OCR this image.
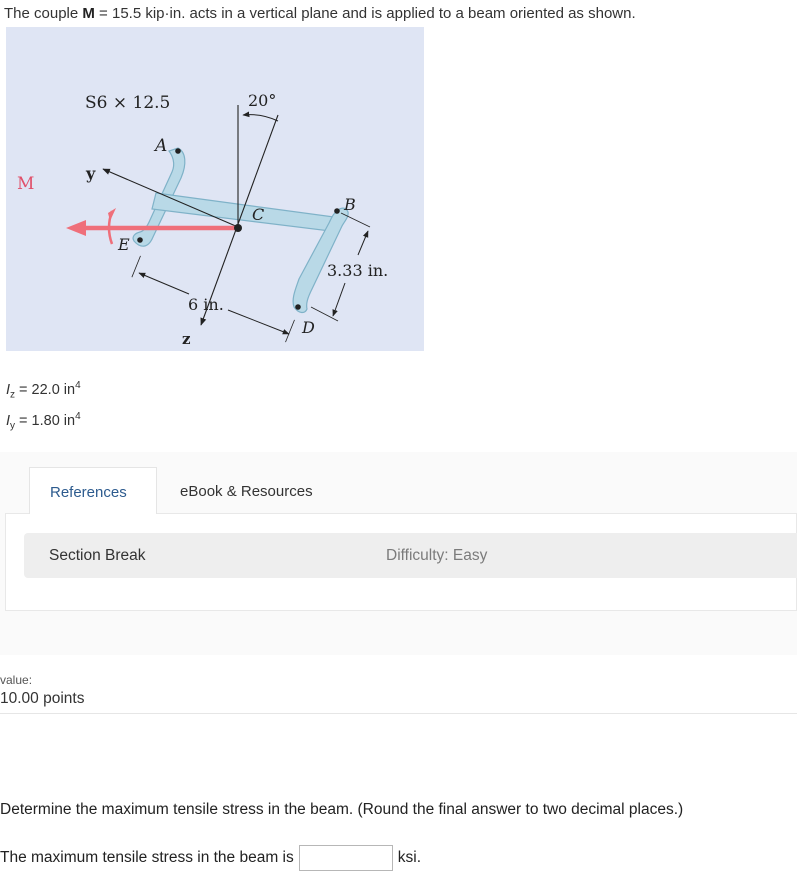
The couple M = 15.5 kip·in. acts in a vertical plane and is applied to a beam oriented as shown.
S6 × 12.5	20°
A
y
C
B
E
3.33 in.
6 in.
D
z
M
$I_z = 22.0$ $in^4$
$I_y = 1.80$ $in^4$
References	eBook & Resources
Section Break	Difficulty: Easy
value:
10.00 points
Determine the maximum tensile stress in the beam. (Round the final answer to two decimal places.)
The maximum tensile stress in the beam is	ksi.
